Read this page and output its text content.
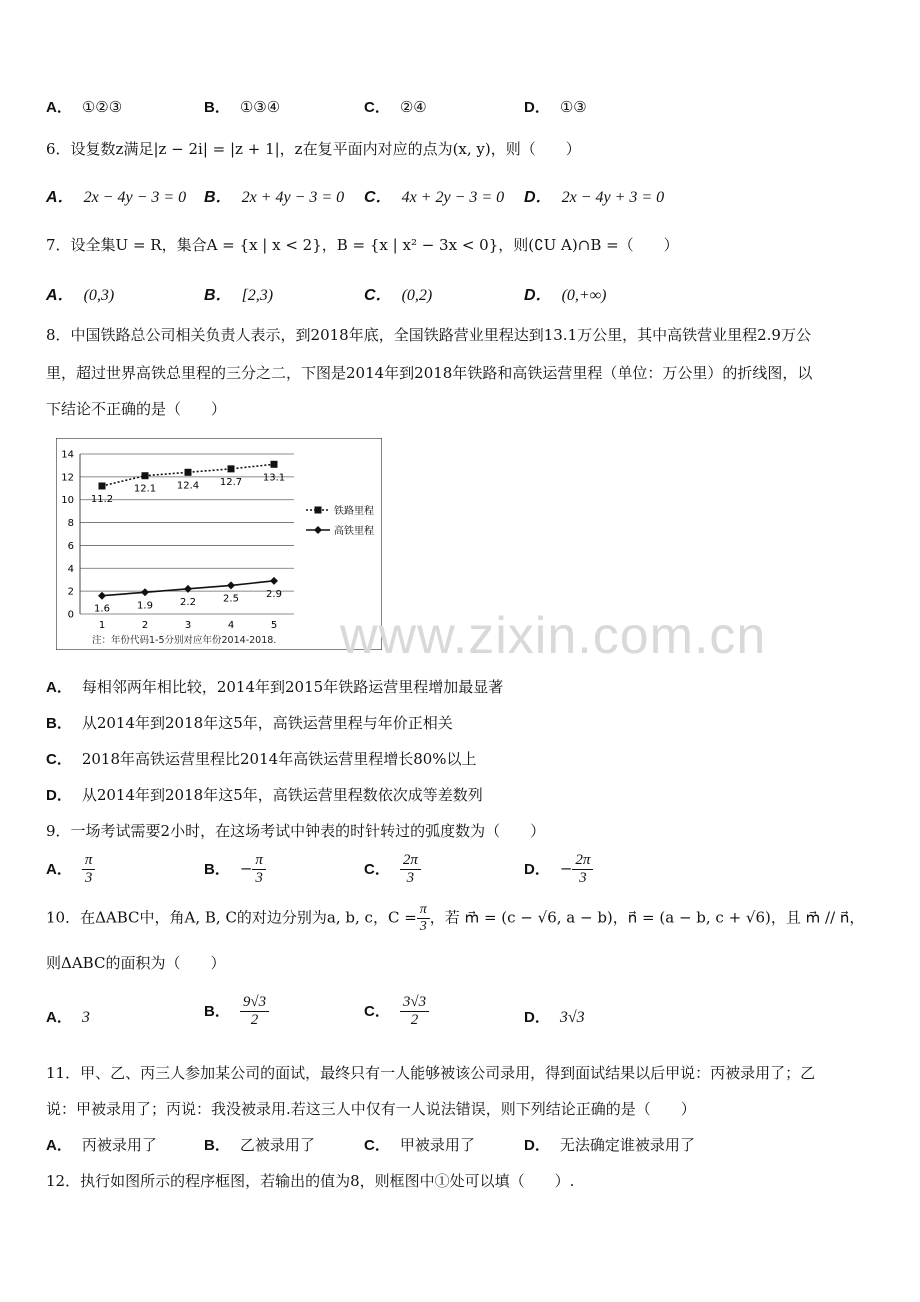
A． ①②③	B． ①③④	C． ②④	D． ①③
6．设复数z满足|z − 2i| = |z + 1|，z在复平面内对应的点为(x, y)，则（　　）
A． 2x − 4y − 3 = 0 B． 2x + 4y − 3 = 0 C． 4x + 2y − 3 = 0 D． 2x − 4y + 3 = 0
7．设全集U = R，集合A = {x | x < 2}，B = {x | x² − 3x < 0}，则(∁U A)∩B =（　　）
A． (0,3)	B． [2,3)	C． (0,2)	D． (0,+∞)
8．中国铁路总公司相关负责人表示，到2018年底，全国铁路营业里程达到13.1万公里，其中高铁营业里程2.9万公
里，超过世界高铁总里程的三分之二，下图是2014年到2018年铁路和高铁运营里程（单位：万公里）的折线图，以
下结论不正确的是（　　）
0
2
4
6
8
10
12
14
1	2	3	4	5
11.2
12.1 12.4 12.7 13.1
1.6	1.9	2.2	2.5	2.9
铁路里程
高铁里程
注：年份代码1-5分别对应年份2014-2018. www.zixin.com.cn
A． 每相邻两年相比较，2014年到2015年铁路运营里程增加最显著
B． 从2014年到2018年这5年，高铁运营里程与年价正相关
C． 2018年高铁运营里程比2014年高铁运营里程增长80%以上
D． 从2014年到2018年这5年，高铁运营里程数依次成等差数列
9．一场考试需要2小时，在这场考试中钟表的时针转过的弧度数为（　　）
A． $\frac{\pi}{3}$	B． − $\frac{\pi}{3}$	C． $\frac{2\pi}{3}$	D． − $\frac{2\pi}{3}$
10．在ΔABC中，角A, B, C的对边分别为a, b, c，$C = \frac{\pi}{3}$ ，若 m⃗ = (c − √6, a − b)，n⃗ = (a − b, c + √6)，且 m⃗ // n⃗，
则ΔABC的面积为（　　）
A． 3	B． $\frac{9√3}{2}$	C． $\frac{3√3}{2}$	D． 3√3
11．甲、乙、丙三人参加某公司的面试，最终只有一人能够被该公司录用，得到面试结果以后甲说：丙被录用了；乙
说：甲被录用了；丙说：我没被录用.若这三人中仅有一人说法错误，则下列结论正确的是（　　）
A． 丙被录用了	B． 乙被录用了	C． 甲被录用了	D． 无法确定谁被录用了
12．执行如图所示的程序框图，若输出的值为8，则框图中①处可以填（　　）.
